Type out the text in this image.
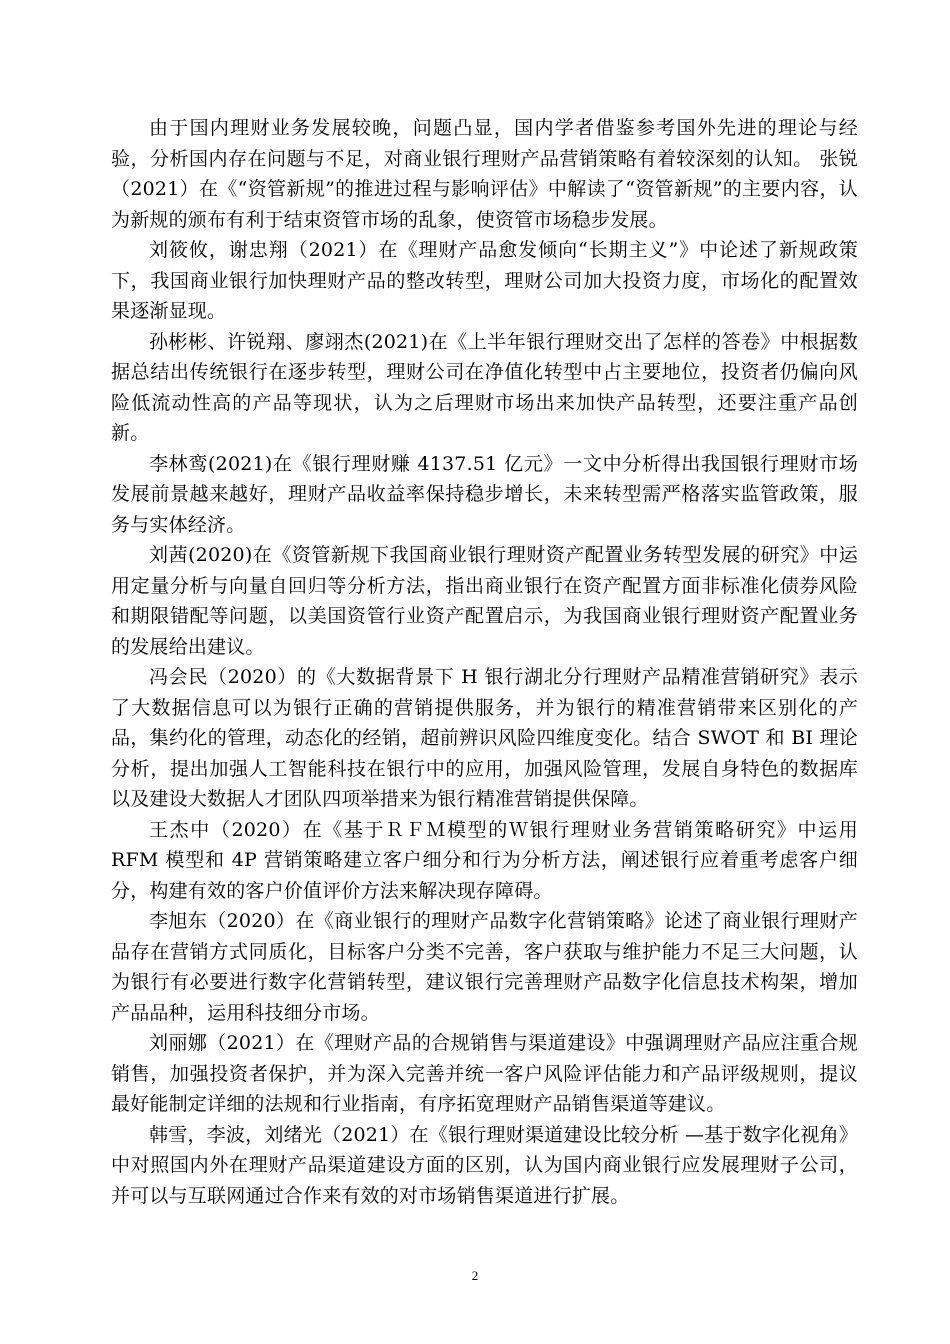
由于国内理财业务发展较晚，问题凸显，国内学者借鉴参考国外先进的理论与经验，分析国内存在问题与不足，对商业银行理财产品营销策略有着较深刻的认知。 张锐（2021）在《“资管新规”的推进过程与影响评估》中解读了“资管新规”的主要内容，认为新规的颁布有利于结束资管市场的乱象，使资管市场稳步发展。

刘筱攸，谢忠翔（2021）在《理财产品愈发倾向“长期主义”》中论述了新规政策下，我国商业银行加快理财产品的整改转型，理财公司加大投资力度，市场化的配置效果逐渐显现。

孙彬彬、许锐翔、廖翊杰(2021)在《上半年银行理财交出了怎样的答卷》中根据数据总结出传统银行在逐步转型，理财公司在净值化转型中占主要地位，投资者仍偏向风险低流动性高的产品等现状，认为之后理财市场出来加快产品转型，还要注重产品创新。

李林鸾(2021)在《银行理财赚 4137.51 亿元》一文中分析得出我国银行理财市场发展前景越来越好，理财产品收益率保持稳步增长，未来转型需严格落实监管政策，服务与实体经济。

刘茜(2020)在《资管新规下我国商业银行理财资产配置业务转型发展的研究》中运用定量分析与向量自回归等分析方法，指出商业银行在资产配置方面非标准化债券风险和期限错配等问题，以美国资管行业资产配置启示，为我国商业银行理财资产配置业务的发展给出建议。

冯会民（2020）的《大数据背景下 H 银行湖北分行理财产品精准营销研究》表示了大数据信息可以为银行正确的营销提供服务，并为银行的精准营销带来区别化的产品，集约化的管理，动态化的经销，超前辨识风险四维度变化。结合 SWOT 和 BI 理论分析，提出加强人工智能科技在银行中的应用，加强风险管理，发展自身特色的数据库以及建设大数据人才团队四项举措来为银行精准营销提供保障。

王杰中（2020）在《基于ＲＦＭ模型的Ｗ银行理财业务营销策略研究》中运用 RFM 模型和 4P 营销策略建立客户细分和行为分析方法，阐述银行应着重考虑客户细分，构建有效的客户价值评价方法来解决现存障碍。

李旭东（2020）在《商业银行的理财产品数字化营销策略》论述了商业银行理财产品存在营销方式同质化，目标客户分类不完善，客户获取与维护能力不足三大问题，认为银行有必要进行数字化营销转型，建议银行完善理财产品数字化信息技术构架，增加产品品种，运用科技细分市场。

刘丽娜（2021）在《理财产品的合规销售与渠道建设》中强调理财产品应注重合规销售，加强投资者保护，并为深入完善并统一客户风险评估能力和产品评级规则，提议最好能制定详细的法规和行业指南，有序拓宽理财产品销售渠道等建议。

韩雪，李波，刘绪光（2021）在《银行理财渠道建设比较分析 —基于数字化视角》中对照国内外在理财产品渠道建设方面的区别，认为国内商业银行应发展理财子公司，并可以与互联网通过合作来有效的对市场销售渠道进行扩展。

2
